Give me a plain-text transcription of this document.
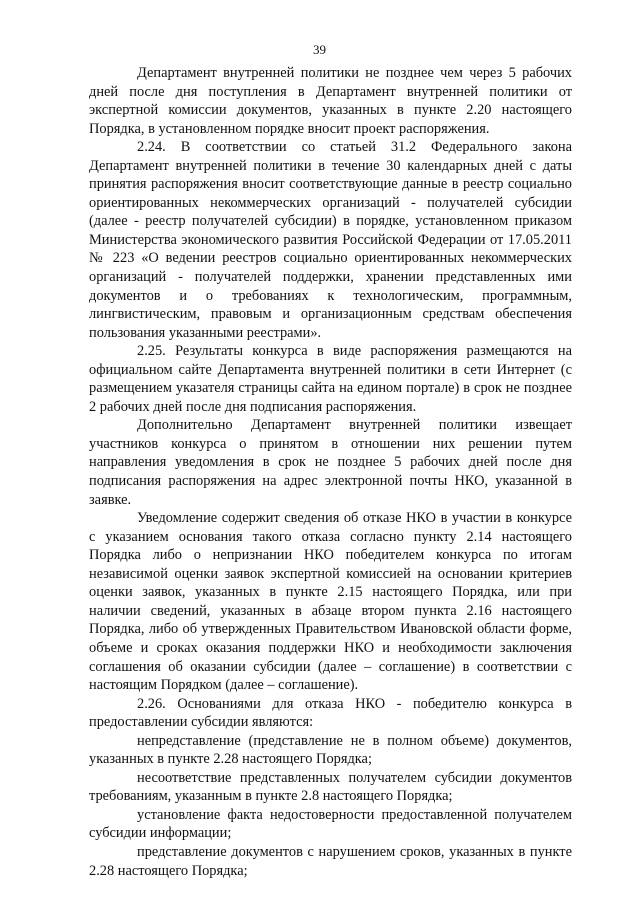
39

Департамент внутренней политики не позднее чем через 5 рабочих дней после дня поступления в Департамент внутренней политики от экспертной комиссии документов, указанных в пункте 2.20 настоящего Порядка, в установленном порядке вносит проект распоряжения.

2.24. В соответствии со статьей 31.2 Федерального закона Департамент внутренней политики в течение 30 календарных дней с даты принятия распоряжения вносит соответствующие данные в реестр социально ориентированных некоммерческих организаций - получателей субсидии (далее - реестр получателей субсидии) в порядке, установленном приказом Министерства экономического развития Российской Федерации от 17.05.2011 № 223 «О ведении реестров социально ориентированных некоммерческих организаций - получателей поддержки, хранении представленных ими документов и о требованиях к технологическим, программным, лингвистическим, правовым и организационным средствам обеспечения пользования указанными реестрами».

2.25. Результаты конкурса в виде распоряжения размещаются на официальном сайте Департамента внутренней политики в сети Интернет (с размещением указателя страницы сайта на едином портале) в срок не позднее 2 рабочих дней после дня подписания распоряжения.

Дополнительно Департамент внутренней политики извещает участников конкурса о принятом в отношении них решении путем направления уведомления в срок не позднее 5 рабочих дней после дня подписания распоряжения на адрес электронной почты НКО, указанной в заявке.

Уведомление содержит сведения об отказе НКО в участии в конкурсе с указанием основания такого отказа согласно пункту 2.14 настоящего Порядка либо о непризнании НКО победителем конкурса по итогам независимой оценки заявок экспертной комиссией на основании критериев оценки заявок, указанных в пункте 2.15 настоящего Порядка, или при наличии сведений, указанных в абзаце втором пункта 2.16 настоящего Порядка, либо об утвержденных Правительством Ивановской области форме, объеме и сроках оказания поддержки НКО и необходимости заключения соглашения об оказании субсидии (далее – соглашение) в соответствии с настоящим Порядком (далее – соглашение).

2.26. Основаниями для отказа НКО - победителю конкурса в предоставлении субсидии являются:

непредставление (представление не в полном объеме) документов, указанных в пункте 2.28 настоящего Порядка;

несоответствие представленных получателем субсидии документов требованиям, указанным в пункте 2.8 настоящего Порядка;

установление факта недостоверности предоставленной получателем субсидии информации;

представление документов с нарушением сроков, указанных в пункте 2.28 настоящего Порядка;
